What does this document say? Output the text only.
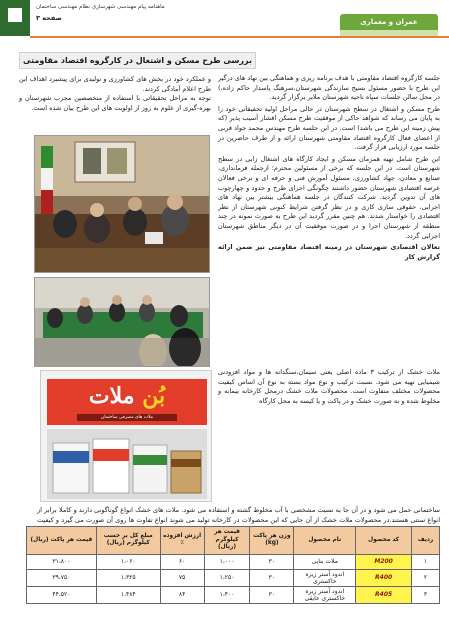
ماهنامه پیام مهندسی شهرسازی نظام مهندسی ساختمان
صفحه ۳	عمران و معماری
بررسی طرح مسکن و اشتغال در کارگروه اقتصاد مقاومتی

جلسه کارگروه اقتصاد مقاومتی با هدف برنامه ریزی و هماهنگی بین تهاد های درگیر این طرح با حضور مسئول بسیج سازندگی شهرستان،سرهنگ پاسدار حاکم زاده،) در محل سالن جلسات سپاه ناحیه شهرستان ملایر برگزار گردید.

طرح مسکن و اشتغال در سطح شهرستان در حالی مراحل اولیه تحقیقاتی خود را به پایان می رساند که شواهد حاکی از موفقیت طرح مسکن اقشار آسیب پذیر (که پیش زمینه این طرح می باشد) است. در این جلسه طرح مهندس محمد جواد قربی از اعضای فعال کارگروه اقتصاد مقاومتی شهرستان ارائه و از طرف حاضرین در جلسه مورد ارزیابی قرار گرفت.

این طرح شامل تهیه همزمان مسکن و ایجاد کارگاه های اشتغال زایی در سطح شهرستان است. در این جلسه که برخی از مسئولین محترم؛ ازجمله فرمانداری، صنایع و معادن، جهاد کشاورزی، مسئول آموزش فنی و حرفه ای و برخی فعالان عرصه اقتصادی شهرستان حضور داشتند چگونگی اجرای طرح و حدود و چهارچوب های آن تدوین گردید. شرکت کنندگان در جلسه هماهنگی بیشتر بین نهاد های اجرایی، حقوقی سازی کاری و در نظر گرفتن شرایط کنونی شهرستان از نظر اقتصادی را خواستار شدند. هم چنین مقرر گردید این طرح به صورت نمونه در چند منطقه از شهرستان اجرا و در صورت موفقیت آن در دیگر مناطق شهرستان اجرایی گردد.

تعالان اقتصادی شهرستان در زمینه اقتصاد مقاومتی نیز ضمن ارائه گزارش کار

و عملکرد خود در بخش های کشاورزی و تولیدی برای پیشبرد اهداف این طرح اعلام آمادگی کردند.

توجه به مراحل تحقیقاتی با استفاده از متخصصین مجرب شهرستان و بهره-گیری از علوم به روز از اولویت های این طرح بیان شده است.

ملات خشک از ترکیب ۳ ماده اصلی یعنی سیمان،سنگدانه ها و مواد افزودنی شیمیایی تهیه می شود. نسبت ترکیب و نوع مواد بسته به نوع آن اساس کیفیت محصولات مختلف متفاوت است. محصولات ملات خشک درمحل کارخانه بیمانه و مخلوط شده و به صورت خشک و در پاکت و یا کیسه به محل کارگاه
بُن ملات
ملات های مصرفی ساختمان
ساختمانی حمل می شود و در آن جا به نسبت مشخصی با آب مخلوط گشته و استفاده می شود. ملات های خشک انواع گوناگونی دارند و کاملا برابر از انواع سنتی هستند.در محصولات ملات خشک از آن جایی که این محصولات در کارخانه تولید می شوند انواع تفاوت ها روی آن صورت می گیرد و کیفیت
ردیف	کد محصول	نام محصول	وزن هر پاکت (kg)	قیمت هر کیلوگرم (ریال)	ارزش افزوده ٪	مبلغ کل بر حسب کیلوگرم (ریال)	قیمت هر پاکت (ریال)
۱	M200	ملات بنایی	۳۰	۱،۰۰۰	۶۰	۱،۰۶۰	۳۱،۸۰۰
۲	R400	اندود آستر زیره خاکستری	۳۰	۱،۲۵۰	۷۵	۱،۳۲۵	۳۹،۷۵۰
۳	R405	اندود آستر زیره خاکستری عایقی	۳۰	۱،۴۰۰	۸۴	۱،۴۸۴	۴۴،۵۲۰
